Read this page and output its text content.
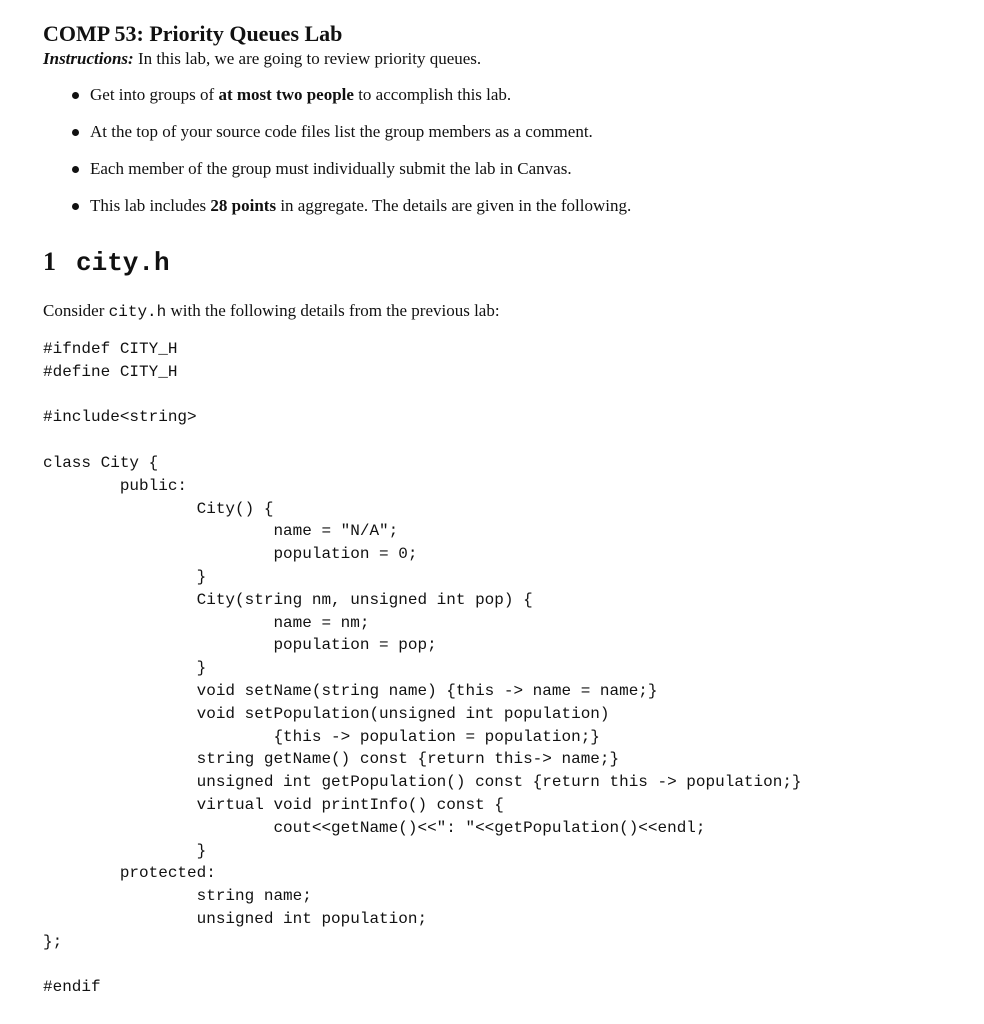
COMP 53: Priority Queues Lab

Instructions: In this lab, we are going to review priority queues.

Get into groups of at most two people to accomplish this lab.
At the top of your source code files list the group members as a comment.
Each member of the group must individually submit the lab in Canvas.
This lab includes 28 points in aggregate. The details are given in the following.
1 city.h

Consider city.h with the following details from the previous lab:

#ifndef CITY_H
#define CITY_H
#include<string>
class City {
public:
City() {
name = "N/A";
population = 0;
}
City(string nm, unsigned int pop) {
name = nm;
population = pop;
}
void setName(string name) {this -> name = name;}
void setPopulation(unsigned int population)
{this -> population = population;}
string getName() const {return this-> name;}
unsigned int getPopulation() const {return this -> population;}
virtual void printInfo() const {
cout<<getName()<<": "<<getPopulation()<<endl;
}
protected:
string name;
unsigned int population;
};
#endif
